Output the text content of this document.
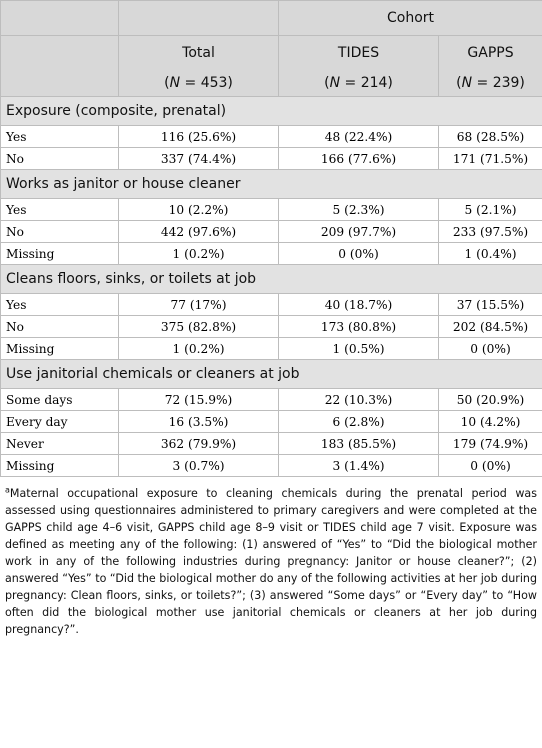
		Cohort	
	Total	TIDES	GAPPS
	(N = 453)	(N = 214)	(N = 239)
Exposure (composite, prenatal)			
Yes	116 (25.6%)	48 (22.4%)	68 (28.5%)
No	337 (74.4%)	166 (77.6%)	171 (71.5%)
Works as janitor or house cleaner			
Yes	10 (2.2%)	5 (2.3%)	5 (2.1%)
No	442 (97.6%)	209 (97.7%)	233 (97.5%)
Missing	1 (0.2%)	0 (0%)	1 (0.4%)
Cleans floors, sinks, or toilets at job			
Yes	77 (17%)	40 (18.7%)	37 (15.5%)
No	375 (82.8%)	173 (80.8%)	202 (84.5%)
Missing	1 (0.2%)	1 (0.5%)	0 (0%)
Use janitorial chemicals or cleaners at job			
Some days	72 (15.9%)	22 (10.3%)	50 (20.9%)
Every day	16 (3.5%)	6 (2.8%)	10 (4.2%)
Never	362 (79.9%)	183 (85.5%)	179 (74.9%)
Missing	3 (0.7%)	3 (1.4%)	0 (0%)
$^a$Maternal occupational exposure to cleaning chemicals during the prenatal period was assessed using questionnaires administered to primary caregivers and were completed at the GAPPS child age 4–6 visit, GAPPS child age 8–9 visit or TIDES child age 7 visit. Exposure was defined as meeting any of the following: (1) answered of “Yes” to “Did the biological mother work in any of the following industries during pregnancy: Janitor or house cleaner?”; (2) answered “Yes” to “Did the biological mother do any of the following activities at her job during pregnancy: Clean floors, sinks, or toilets?”; (3) answered “Some days” or “Every day” to “How often did the biological mother use janitorial chemicals or cleaners at her job during pregnancy?”.
